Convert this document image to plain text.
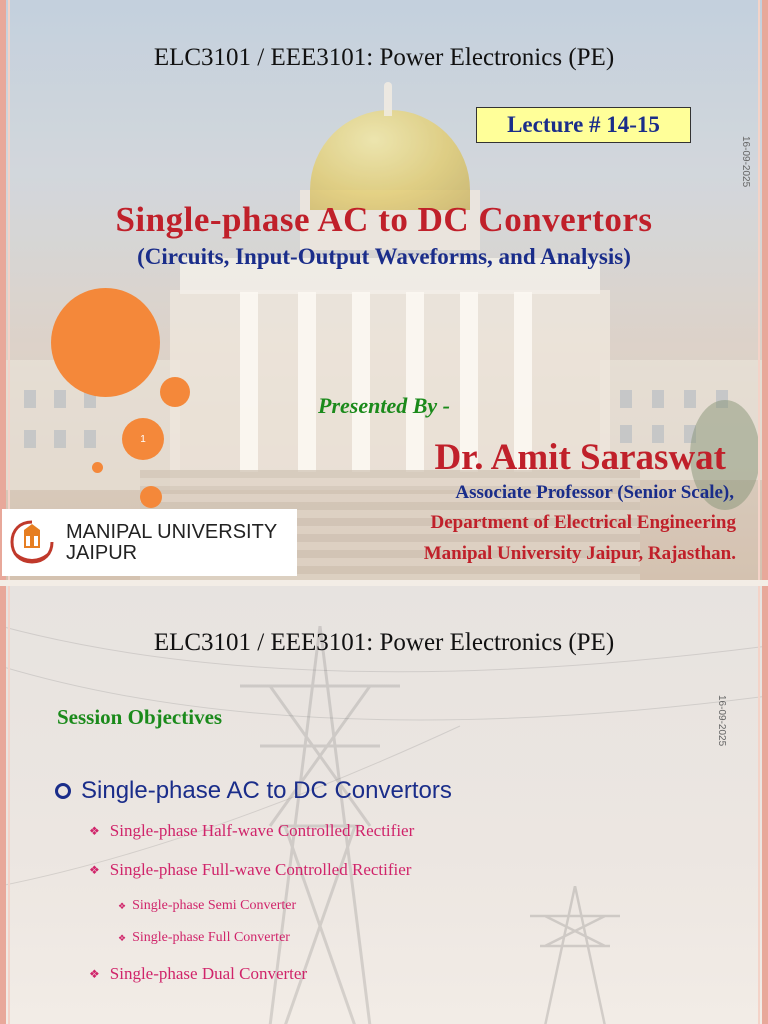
1
ELC3101 / EEE3101: Power Electronics (PE)
Lecture # 14-15
16-09-2025
Single-phase AC to DC Convertors
(Circuits, Input-Output Waveforms, and Analysis)
Presented By -
Dr. Amit Saraswat
Associate Professor (Senior Scale),
Department of Electrical Engineering
Manipal University Jaipur, Rajasthan.
MANIPAL UNIVERSITY
JAIPUR
ELC3101 / EEE3101: Power Electronics (PE)
16-09-2025
Session Objectives
Single-phase AC to DC Convertors
❖ Single-phase Half-wave Controlled Rectifier
❖ Single-phase Full-wave Controlled Rectifier
❖ Single-phase Semi Converter
❖ Single-phase Full Converter
❖ Single-phase Dual Converter
